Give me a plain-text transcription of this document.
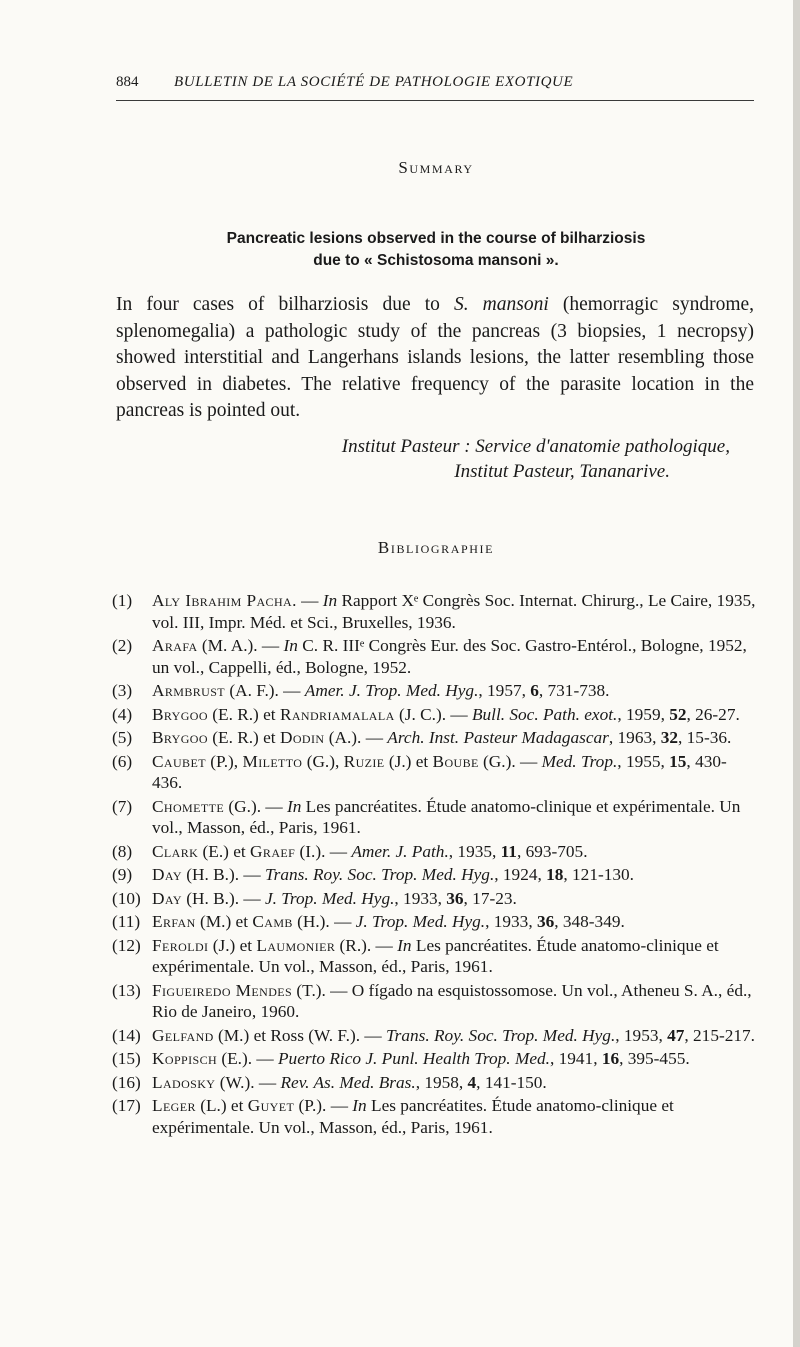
884 BULLETIN DE LA SOCIÉTÉ DE PATHOLOGIE EXOTIQUE
Summary
Pancreatic lesions observed in the course of bilharziosis
due to « Schistosoma mansoni ».
In four cases of bilharziosis due to S. mansoni (hemorragic syndrome, splenomegalia) a pathologic study of the pancreas (3 biopsies, 1 necropsy) showed interstitial and Langerhans islands lesions, the latter resembling those observed in diabetes. The relative frequency of the parasite location in the pancreas is pointed out.
Institut Pasteur : Service d'anatomie pathologique,
Institut Pasteur, Tananarive.
Bibliographie
(1) Aly Ibrahim Pacha. — In Rapport Xᵉ Congrès Soc. Internat. Chirurg., Le Caire, 1935, vol. III, Impr. Méd. et Sci., Bruxelles, 1936.
(2) Arafa (M. A.). — In C. R. IIIᵉ Congrès Eur. des Soc. Gastro-Entérol., Bologne, 1952, un vol., Cappelli, éd., Bologne, 1952.
(3) Armbrust (A. F.). — Amer. J. Trop. Med. Hyg., 1957, 6, 731-738.
(4) Brygoo (E. R.) et Randriamalala (J. C.). — Bull. Soc. Path. exot., 1959, 52, 26-27.
(5) Brygoo (E. R.) et Dodin (A.). — Arch. Inst. Pasteur Madagascar, 1963, 32, 15-36.
(6) Caubet (P.), Miletto (G.), Ruzie (J.) et Boube (G.). — Med. Trop., 1955, 15, 430-436.
(7) Chomette (G.). — In Les pancréatites. Étude anatomo-clinique et expérimentale. Un vol., Masson, éd., Paris, 1961.
(8) Clark (E.) et Graef (I.). — Amer. J. Path., 1935, 11, 693-705.
(9) Day (H. B.). — Trans. Roy. Soc. Trop. Med. Hyg., 1924, 18, 121-130.
(10) Day (H. B.). — J. Trop. Med. Hyg., 1933, 36, 17-23.
(11) Erfan (M.) et Camb (H.). — J. Trop. Med. Hyg., 1933, 36, 348-349.
(12) Feroldi (J.) et Laumonier (R.). — In Les pancréatites. Étude anatomo-clinique et expérimentale. Un vol., Masson, éd., Paris, 1961.
(13) Figueiredo Mendes (T.). — O fígado na esquistossomose. Un vol., Atheneu S. A., éd., Rio de Janeiro, 1960.
(14) Gelfand (M.) et Ross (W. F.). — Trans. Roy. Soc. Trop. Med. Hyg., 1953, 47, 215-217.
(15) Koppisch (E.). — Puerto Rico J. Punl. Health Trop. Med., 1941, 16, 395-455.
(16) Ladosky (W.). — Rev. As. Med. Bras., 1958, 4, 141-150.
(17) Leger (L.) et Guyet (P.). — In Les pancréatites. Étude anatomo-clinique et expérimentale. Un vol., Masson, éd., Paris, 1961.
